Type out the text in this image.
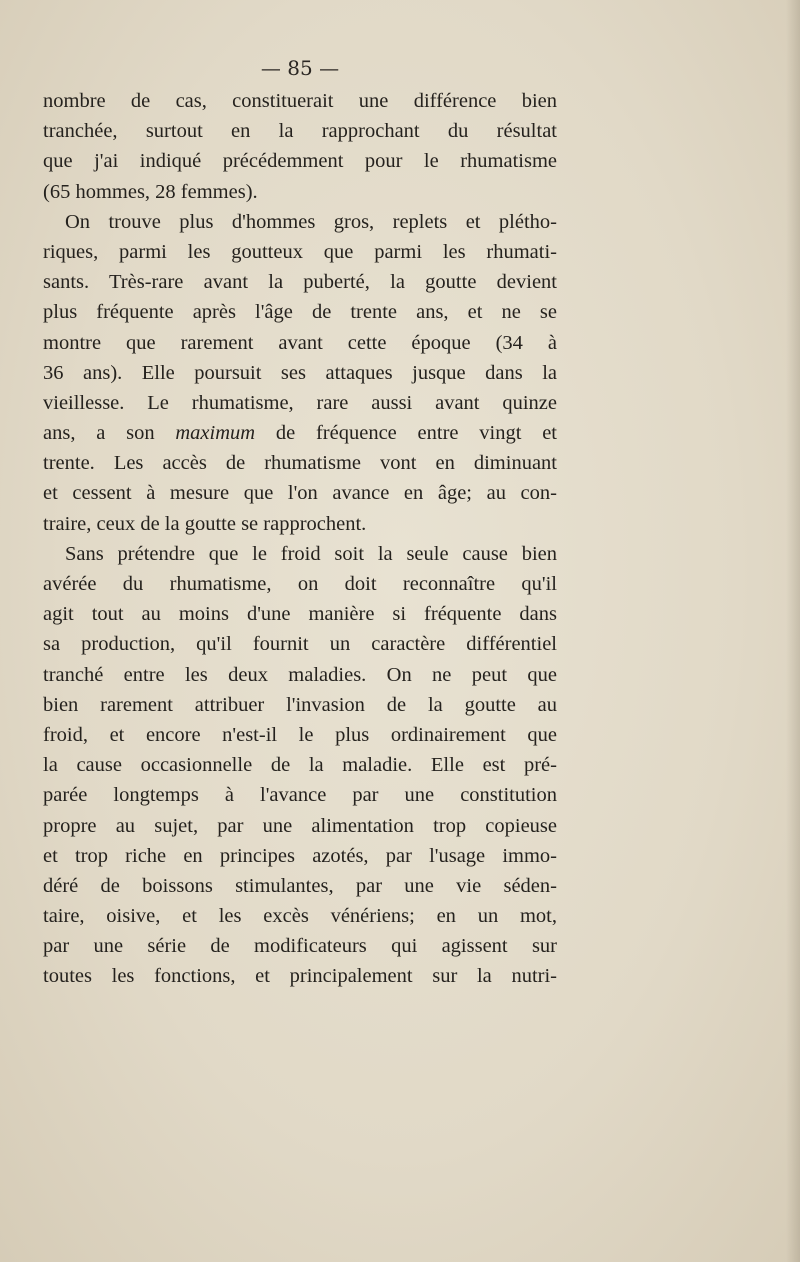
— 85 —
nombre de cas, constituerait une différence bien
tranchée, surtout en la rapprochant du résultat
que j'ai indiqué précédemment pour le rhumatisme
(65 hommes, 28 femmes).
On trouve plus d'hommes gros, replets et plétho-
riques, parmi les goutteux que parmi les rhumati-
sants. Très-rare avant la puberté, la goutte devient
plus fréquente après l'âge de trente ans, et ne se
montre que rarement avant cette époque (34 à
36 ans). Elle poursuit ses attaques jusque dans la
vieillesse. Le rhumatisme, rare aussi avant quinze
ans, a son maximum de fréquence entre vingt et
trente. Les accès de rhumatisme vont en diminuant
et cessent à mesure que l'on avance en âge; au con-
traire, ceux de la goutte se rapprochent.
Sans prétendre que le froid soit la seule cause bien
avérée du rhumatisme, on doit reconnaître qu'il
agit tout au moins d'une manière si fréquente dans
sa production, qu'il fournit un caractère différentiel
tranché entre les deux maladies. On ne peut que
bien rarement attribuer l'invasion de la goutte au
froid, et encore n'est-il le plus ordinairement que
la cause occasionnelle de la maladie. Elle est pré-
parée longtemps à l'avance par une constitution
propre au sujet, par une alimentation trop copieuse
et trop riche en principes azotés, par l'usage immo-
déré de boissons stimulantes, par une vie séden-
taire, oisive, et les excès vénériens; en un mot,
par une série de modificateurs qui agissent sur
toutes les fonctions, et principalement sur la nutri-
